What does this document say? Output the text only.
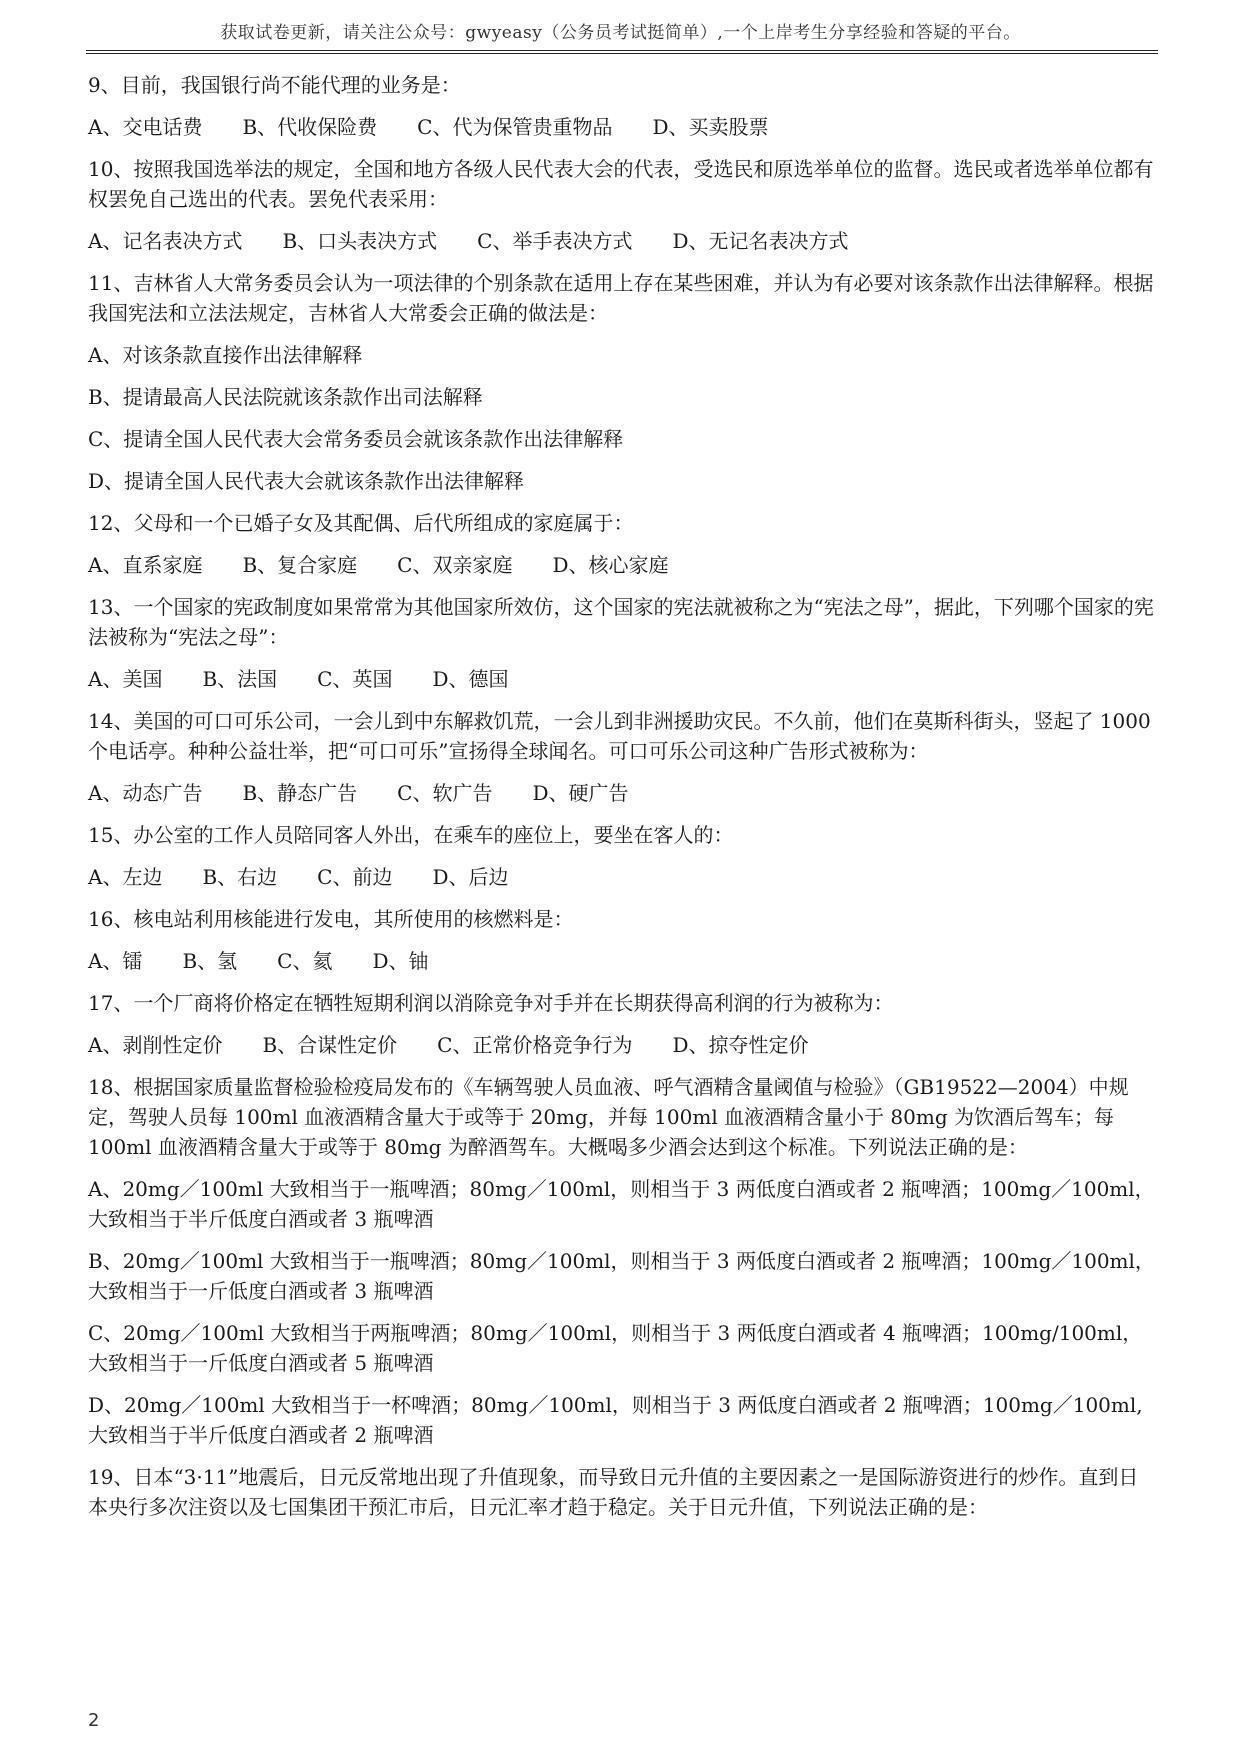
获取试卷更新，请关注公众号：gwyeasy（公务员考试挺简单）,一个上岸考生分享经验和答疑的平台。

9、目前，我国银行尚不能代理的业务是：

A、交电话费 B、代收保险费 C、代为保管贵重物品 D、买卖股票

10、按照我国选举法的规定，全国和地方各级人民代表大会的代表，受选民和原选举单位的监督。选民或者选举单位都有权罢免自己选出的代表。罢免代表采用：

A、记名表决方式 B、口头表决方式 C、举手表决方式 D、无记名表决方式

11、吉林省人大常务委员会认为一项法律的个别条款在适用上存在某些困难，并认为有必要对该条款作出法律解释。根据我国宪法和立法法规定，吉林省人大常委会正确的做法是：

A、对该条款直接作出法律解释

B、提请最高人民法院就该条款作出司法解释

C、提请全国人民代表大会常务委员会就该条款作出法律解释

D、提请全国人民代表大会就该条款作出法律解释

12、父母和一个已婚子女及其配偶、后代所组成的家庭属于：

A、直系家庭 B、复合家庭 C、双亲家庭 D、核心家庭

13、一个国家的宪政制度如果常常为其他国家所效仿，这个国家的宪法就被称之为“宪法之母”，据此，下列哪个国家的宪法被称为“宪法之母”：

A、美国 B、法国 C、英国 D、德国

14、美国的可口可乐公司，一会儿到中东解救饥荒，一会儿到非洲援助灾民。不久前，他们在莫斯科街头，竖起了 1000 个电话亭。种种公益壮举，把“可口可乐”宣扬得全球闻名。可口可乐公司这种广告形式被称为：

A、动态广告 B、静态广告 C、软广告 D、硬广告

15、办公室的工作人员陪同客人外出，在乘车的座位上，要坐在客人的：

A、左边 B、右边 C、前边 D、后边

16、核电站利用核能进行发电，其所使用的核燃料是：

A、镭 B、氢 C、氦 D、铀

17、一个厂商将价格定在牺牲短期利润以消除竞争对手并在长期获得高利润的行为被称为：

A、剥削性定价 B、合谋性定价 C、正常价格竞争行为 D、掠夺性定价

18、根据国家质量监督检验检疫局发布的《车辆驾驶人员血液、呼气酒精含量阈值与检验》（GB19522—2004）中规定，驾驶人员每 100ml 血液酒精含量大于或等于 20mg，并每 100ml 血液酒精含量小于 80mg 为饮酒后驾车；每 100ml 血液酒精含量大于或等于 80mg 为醉酒驾车。大概喝多少酒会达到这个标准。下列说法正确的是：

A、20mg／100ml 大致相当于一瓶啤酒；80mg／100ml，则相当于 3 两低度白酒或者 2 瓶啤酒；100mg／100ml，大致相当于半斤低度白酒或者 3 瓶啤酒

B、20mg／100ml 大致相当于一瓶啤酒；80mg／100ml，则相当于 3 两低度白酒或者 2 瓶啤酒；100mg／100ml，大致相当于一斤低度白酒或者 3 瓶啤酒

C、20mg／100ml 大致相当于两瓶啤酒；80mg／100ml，则相当于 3 两低度白酒或者 4 瓶啤酒；100mg/100ml，大致相当于一斤低度白酒或者 5 瓶啤酒

D、20mg／100ml 大致相当于一杯啤酒；80mg／100ml，则相当于 3 两低度白酒或者 2 瓶啤酒；100mg／100ml,大致相当于半斤低度白酒或者 2 瓶啤酒

19、日本“3·11”地震后，日元反常地出现了升值现象，而导致日元升值的主要因素之一是国际游资进行的炒作。直到日本央行多次注资以及七国集团干预汇市后，日元汇率才趋于稳定。关于日元升值，下列说法正确的是：

2
